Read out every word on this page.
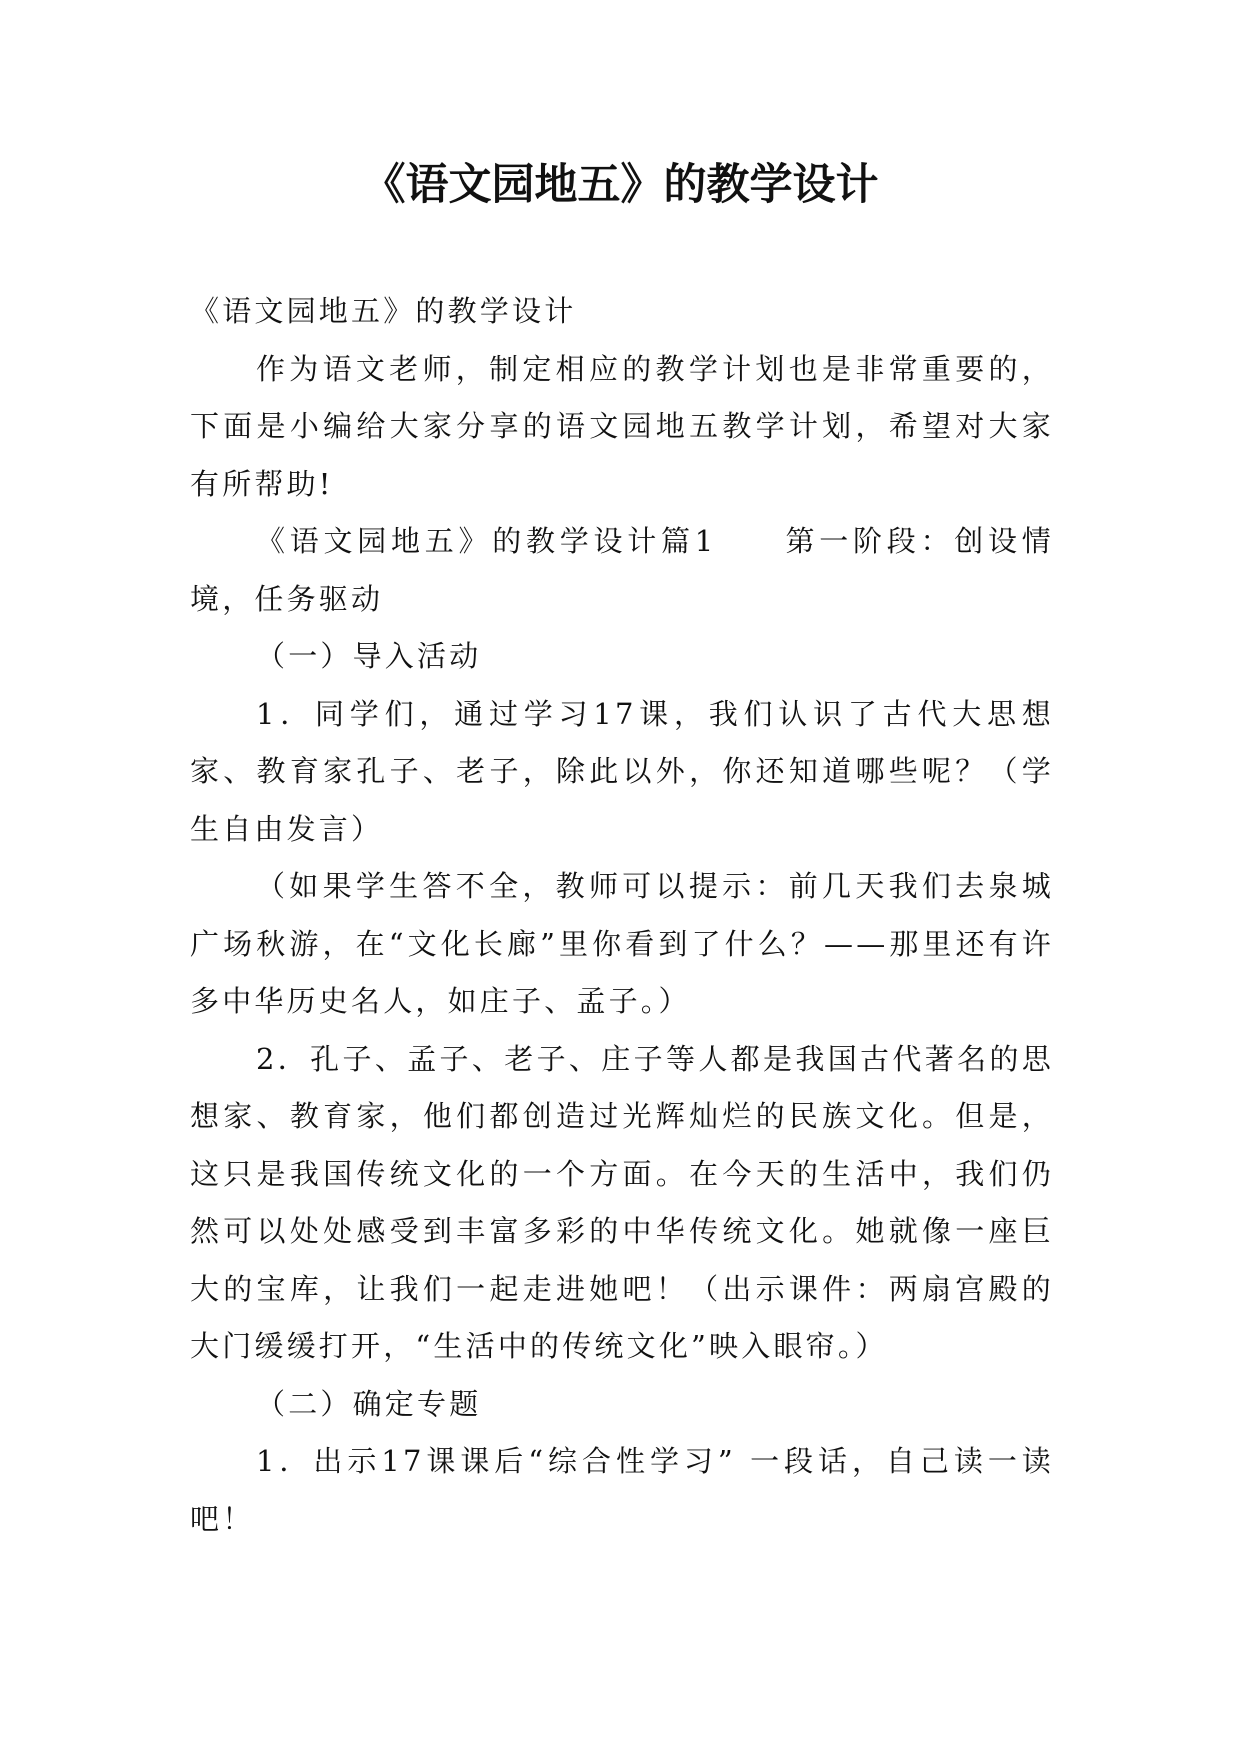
《语文园地五》的教学设计

《语文园地五》的教学设计

作为语文老师，制定相应的教学计划也是非常重要的，下面是小编给大家分享的语文园地五教学计划，希望对大家有所帮助!

《语文园地五》的教学设计篇1　　第一阶段：创设情境，任务驱动

（一）导入活动

1．同学们，通过学习17课，我们认识了古代大思想家、教育家孔子、老子，除此以外，你还知道哪些呢？（学生自由发言）

（如果学生答不全，教师可以提示：前几天我们去泉城广场秋游，在“文化长廊”里你看到了什么？——那里还有许多中华历史名人，如庄子、孟子。）

2．孔子、孟子、老子、庄子等人都是我国古代著名的思想家、教育家，他们都创造过光辉灿烂的民族文化。但是，这只是我国传统文化的一个方面。在今天的生活中，我们仍然可以处处感受到丰富多彩的中华传统文化。她就像一座巨大的宝库，让我们一起走进她吧！（出示课件：两扇宫殿的大门缓缓打开，“生活中的传统文化”映入眼帘。）

（二）确定专题

1．出示17课课后“综合性学习” 一段话，自己读一读吧！
